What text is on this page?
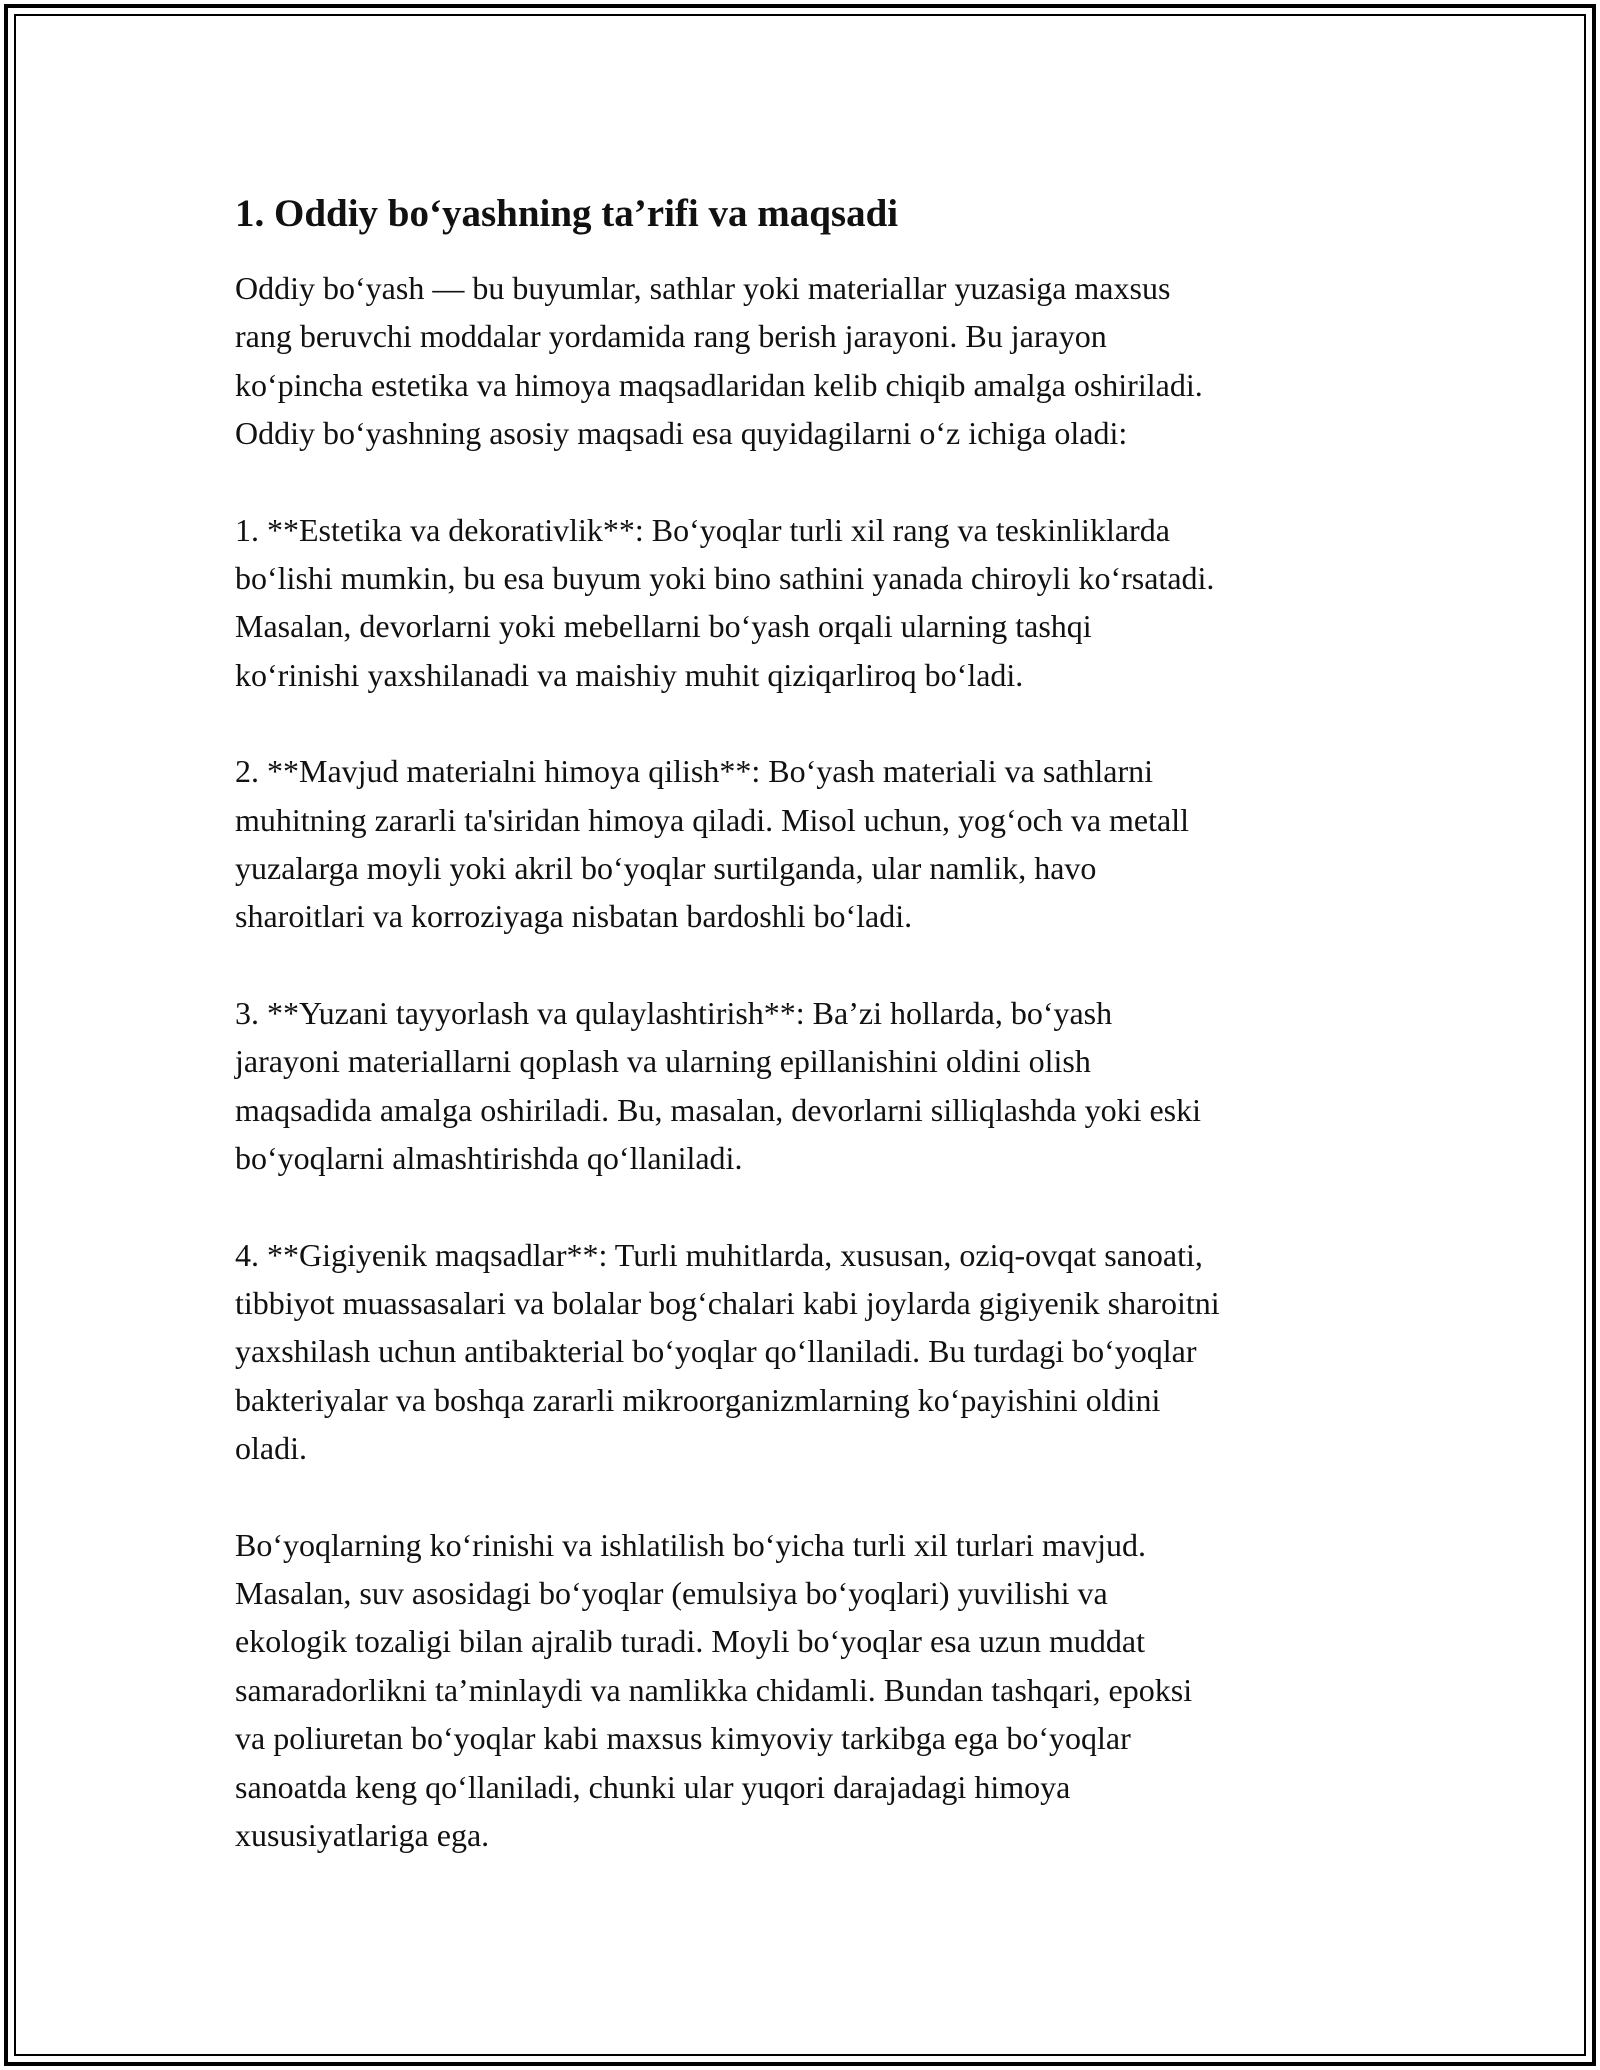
1. Oddiy bo‘yashning ta’rifi va maqsadi

Oddiy bo‘yash — bu buyumlar, sathlar yoki materiallar yuzasiga maxsus
rang beruvchi moddalar yordamida rang berish jarayoni. Bu jarayon
ko‘pincha estetika va himoya maqsadlaridan kelib chiqib amalga oshiriladi.
Oddiy bo‘yashning asosiy maqsadi esa quyidagilarni o‘z ichiga oladi:

1. **Estetika va dekorativlik**: Bo‘yoqlar turli xil rang va teskinliklarda
bo‘lishi mumkin, bu esa buyum yoki bino sathini yanada chiroyli ko‘rsatadi.
Masalan, devorlarni yoki mebellarni bo‘yash orqali ularning tashqi
ko‘rinishi yaxshilanadi va maishiy muhit qiziqarliroq bo‘ladi.

2. **Mavjud materialni himoya qilish**: Bo‘yash materiali va sathlarni
muhitning zararli ta'siridan himoya qiladi. Misol uchun, yog‘och va metall
yuzalarga moyli yoki akril bo‘yoqlar surtilganda, ular namlik, havo
sharoitlari va korroziyaga nisbatan bardoshli bo‘ladi.

3. **Yuzani tayyorlash va qulaylashtirish**: Ba’zi hollarda, bo‘yash
jarayoni materiallarni qoplash va ularning epillanishini oldini olish
maqsadida amalga oshiriladi. Bu, masalan, devorlarni silliqlashda yoki eski
bo‘yoqlarni almashtirishda qo‘llaniladi.

4. **Gigiyenik maqsadlar**: Turli muhitlarda, xususan, oziq-ovqat sanoati,
tibbiyot muassasalari va bolalar bog‘chalari kabi joylarda gigiyenik sharoitni
yaxshilash uchun antibakterial bo‘yoqlar qo‘llaniladi. Bu turdagi bo‘yoqlar
bakteriyalar va boshqa zararli mikroorganizmlarning ko‘payishini oldini
oladi.

Bo‘yoqlarning ko‘rinishi va ishlatilish bo‘yicha turli xil turlari mavjud.
Masalan, suv asosidagi bo‘yoqlar (emulsiya bo‘yoqlari) yuvilishi va
ekologik tozaligi bilan ajralib turadi. Moyli bo‘yoqlar esa uzun muddat
samaradorlikni ta’minlaydi va namlikka chidamli. Bundan tashqari, epoksi
va poliuretan bo‘yoqlar kabi maxsus kimyoviy tarkibga ega bo‘yoqlar
sanoatda keng qo‘llaniladi, chunki ular yuqori darajadagi himoya
xususiyatlariga ega.
